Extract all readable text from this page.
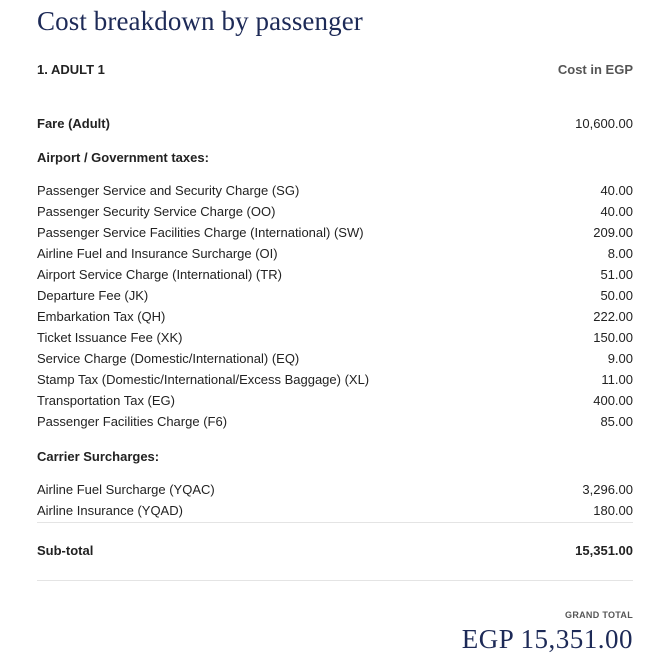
Cost breakdown by passenger
1. ADULT 1	Cost in EGP
Fare (Adult)	10,600.00
Airport / Government taxes:
Passenger Service and Security Charge (SG)	40.00
Passenger Security Service Charge (OO)	40.00
Passenger Service Facilities Charge (International) (SW)	209.00
Airline Fuel and Insurance Surcharge (OI)	8.00
Airport Service Charge (International) (TR)	51.00
Departure Fee (JK)	50.00
Embarkation Tax (QH)	222.00
Ticket Issuance Fee (XK)	150.00
Service Charge (Domestic/International) (EQ)	9.00
Stamp Tax (Domestic/International/Excess Baggage) (XL)	11.00
Transportation Tax (EG)	400.00
Passenger Facilities Charge (F6)	85.00
Carrier Surcharges:
Airline Fuel Surcharge (YQAC)	3,296.00
Airline Insurance (YQAD)	180.00
Sub-total	15,351.00
GRAND TOTAL
EGP 15,351.00
